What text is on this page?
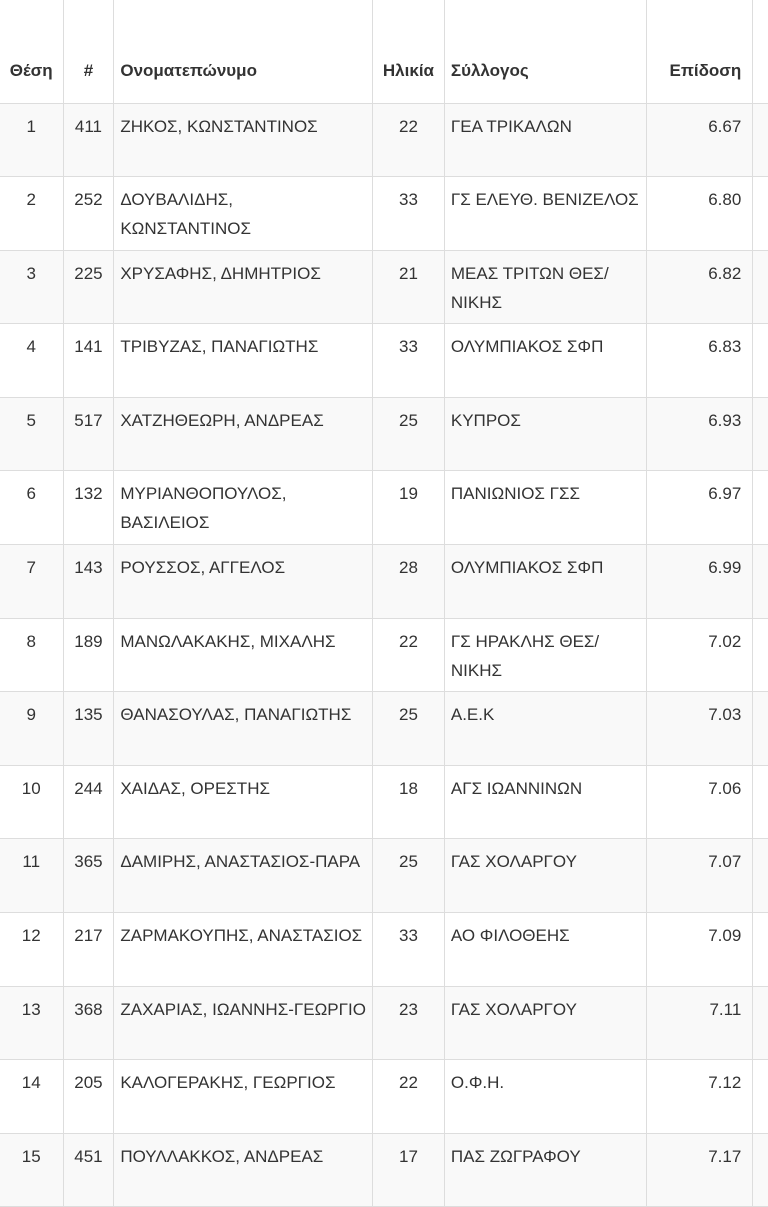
Θέση	#	Ονοματεπώνυμο	Ηλικία	Σύλλογος	Επίδοση	
1	411	ΖΗΚΟΣ, ΚΩΝΣΤΑΝΤΙΝΟΣ	22	ΓΕΑ ΤΡΙΚΑΛΩΝ	6.67	
2	252	ΔΟΥΒΑΛΙΔΗΣ, ΚΩΝΣΤΑΝΤΙΝΟΣ	33	ΓΣ ΕΛΕΥΘ. ΒΕΝΙΖΕΛΟΣ	6.80	
3	225	ΧΡΥΣΑΦΗΣ, ΔΗΜΗΤΡΙΟΣ	21	ΜΕΑΣ ΤΡΙΤΩΝ ΘΕΣ/ΝΙΚΗΣ	6.82	
4	141	ΤΡΙΒΥΖΑΣ, ΠΑΝΑΓΙΩΤΗΣ	33	ΟΛΥΜΠΙΑΚΟΣ ΣΦΠ	6.83	
5	517	ΧΑΤΖΗΘΕΩΡΗ, ΑΝΔΡΕΑΣ	25	ΚΥΠΡΟΣ	6.93	
6	132	ΜΥΡΙΑΝΘΟΠΟΥΛΟΣ, ΒΑΣΙΛΕΙΟΣ	19	ΠΑΝΙΩΝΙΟΣ ΓΣΣ	6.97	
7	143	ΡΟΥΣΣΟΣ, ΑΓΓΕΛΟΣ	28	ΟΛΥΜΠΙΑΚΟΣ ΣΦΠ	6.99	
8	189	ΜΑΝΩΛΑΚΑΚΗΣ, ΜΙΧΑΛΗΣ	22	ΓΣ ΗΡΑΚΛΗΣ ΘΕΣ/ ΝΙΚΗΣ	7.02	
9	135	ΘΑΝΑΣΟΥΛΑΣ, ΠΑΝΑΓΙΩΤΗΣ	25	Α.Ε.Κ	7.03	
10	244	ΧΑΙΔΑΣ, ΟΡΕΣΤΗΣ	18	ΑΓΣ ΙΩΑΝΝΙΝΩΝ	7.06	
11	365	ΔΑΜΙΡΗΣ, ΑΝΑΣΤΑΣΙΟΣ-ΠΑΡΑ	25	ΓΑΣ ΧΟΛΑΡΓΟΥ	7.07	
12	217	ΖΑΡΜΑΚΟΥΠΗΣ, ΑΝΑΣΤΑΣΙΟΣ	33	ΑΟ ΦΙΛΟΘΕΗΣ	7.09	
13	368	ΖΑΧΑΡΙΑΣ, ΙΩΑΝΝΗΣ-ΓΕΩΡΓΙΟ	23	ΓΑΣ ΧΟΛΑΡΓΟΥ	7.11	
14	205	ΚΑΛΟΓΕΡΑΚΗΣ, ΓΕΩΡΓΙΟΣ	22	Ο.Φ.Η.	7.12	
15	451	ΠΟΥΛΛΑΚΚΟΣ, ΑΝΔΡΕΑΣ	17	ΠΑΣ ΖΩΓΡΑΦΟΥ	7.17	
